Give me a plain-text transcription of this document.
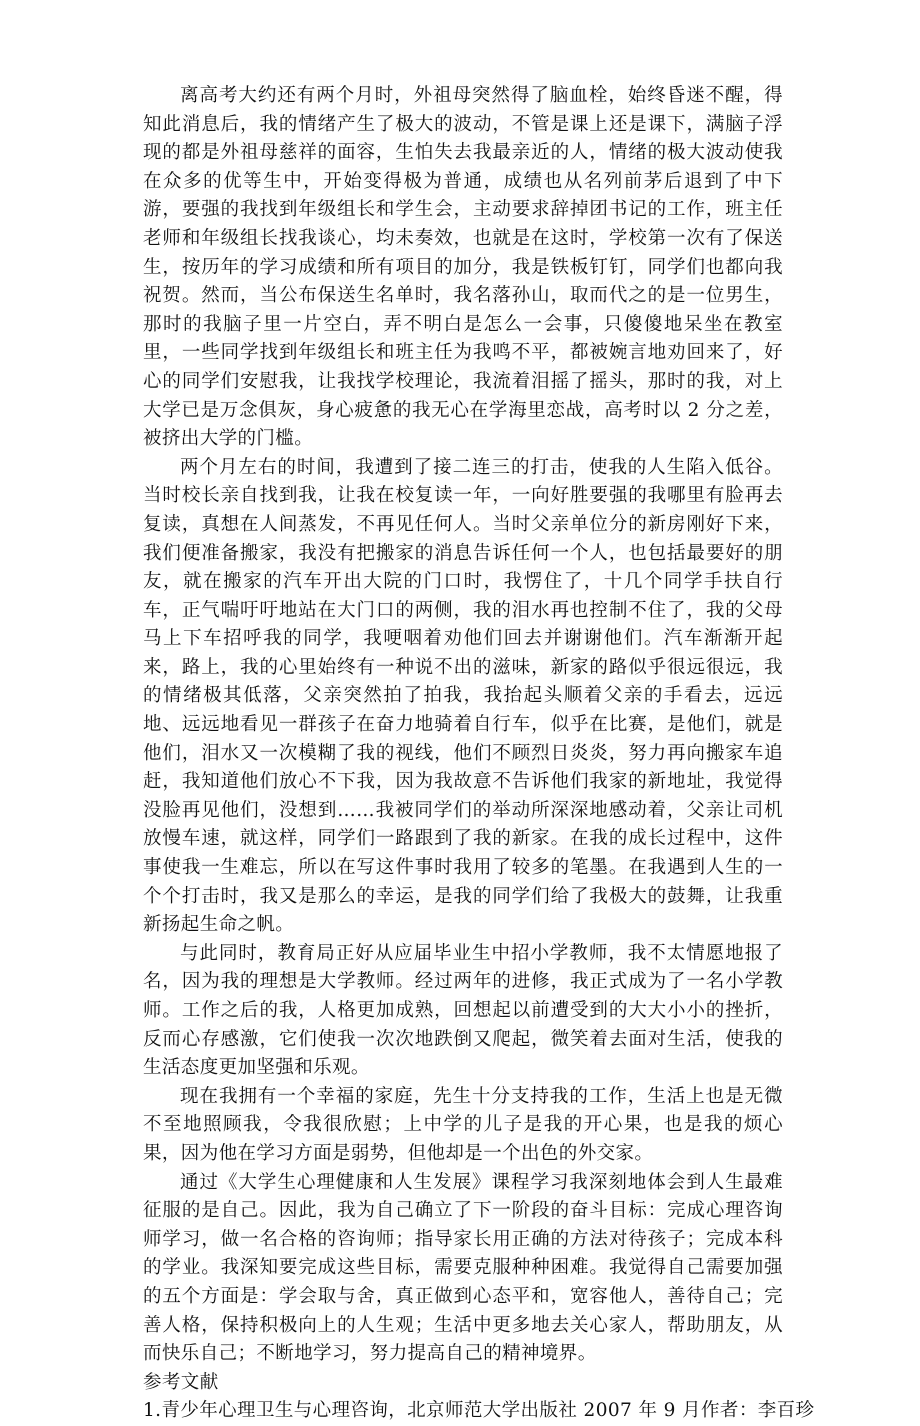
离高考大约还有两个月时，外祖母突然得了脑血栓，始终昏迷不醒，得知此消息后，我的情绪产生了极大的波动，不管是课上还是课下，满脑子浮现的都是外祖母慈祥的面容，生怕失去我最亲近的人，情绪的极大波动使我在众多的优等生中，开始变得极为普通，成绩也从名列前茅后退到了中下游，要强的我找到年级组长和学生会，主动要求辞掉团书记的工作，班主任老师和年级组长找我谈心，均未奏效，也就是在这时，学校第一次有了保送生，按历年的学习成绩和所有项目的加分，我是铁板钉钉，同学们也都向我祝贺。然而，当公布保送生名单时，我名落孙山，取而代之的是一位男生，那时的我脑子里一片空白，弄不明白是怎么一会事，只傻傻地呆坐在教室里，一些同学找到年级组长和班主任为我鸣不平，都被婉言地劝回来了，好心的同学们安慰我，让我找学校理论，我流着泪摇了摇头，那时的我，对上大学已是万念俱灰，身心疲惫的我无心在学海里恋战，高考时以 2 分之差，被挤出大学的门槛。

两个月左右的时间，我遭到了接二连三的打击，使我的人生陷入低谷。当时校长亲自找到我，让我在校复读一年，一向好胜要强的我哪里有脸再去复读，真想在人间蒸发，不再见任何人。当时父亲单位分的新房刚好下来，我们便准备搬家，我没有把搬家的消息告诉任何一个人，也包括最要好的朋友，就在搬家的汽车开出大院的门口时，我愣住了，十几个同学手扶自行车，正气喘吁吁地站在大门口的两侧，我的泪水再也控制不住了，我的父母马上下车招呼我的同学，我哽咽着劝他们回去并谢谢他们。汽车渐渐开起来，路上，我的心里始终有一种说不出的滋味，新家的路似乎很远很远，我的情绪极其低落，父亲突然拍了拍我，我抬起头顺着父亲的手看去，远远地、远远地看见一群孩子在奋力地骑着自行车，似乎在比赛，是他们，就是他们，泪水又一次模糊了我的视线，他们不顾烈日炎炎，努力再向搬家车追赶，我知道他们放心不下我，因为我故意不告诉他们我家的新地址，我觉得没脸再见他们，没想到……我被同学们的举动所深深地感动着，父亲让司机放慢车速，就这样，同学们一路跟到了我的新家。在我的成长过程中，这件事使我一生难忘，所以在写这件事时我用了较多的笔墨。在我遇到人生的一个个打击时，我又是那么的幸运，是我的同学们给了我极大的鼓舞，让我重新扬起生命之帆。

与此同时，教育局正好从应届毕业生中招小学教师，我不太情愿地报了名，因为我的理想是大学教师。经过两年的进修，我正式成为了一名小学教师。工作之后的我，人格更加成熟，回想起以前遭受到的大大小小的挫折，反而心存感激，它们使我一次次地跌倒又爬起，微笑着去面对生活，使我的生活态度更加坚强和乐观。

现在我拥有一个幸福的家庭，先生十分支持我的工作，生活上也是无微不至地照顾我，令我很欣慰；上中学的儿子是我的开心果，也是我的烦心果，因为他在学习方面是弱势，但他却是一个出色的外交家。

通过《大学生心理健康和人生发展》课程学习我深刻地体会到人生最难征服的是自己。因此，我为自己确立了下一阶段的奋斗目标：完成心理咨询师学习，做一名合格的咨询师；指导家长用正确的方法对待孩子；完成本科的学业。我深知要完成这些目标，需要克服种种困难。我觉得自己需要加强的五个方面是：学会取与舍，真正做到心态平和，宽容他人，善待自己；完善人格，保持积极向上的人生观；生活中更多地去关心家人，帮助朋友，从而快乐自己；不断地学习，努力提高自己的精神境界。

参考文献

1.青少年心理卫生与心理咨询，北京师范大学出版社 2007 年 9 月作者：李百珍
